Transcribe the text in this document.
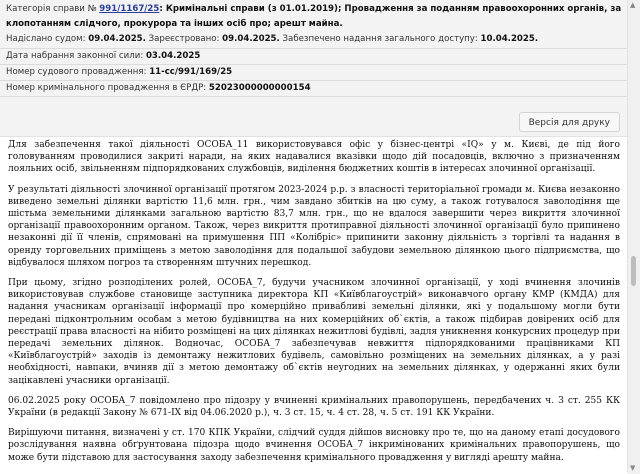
Категорія справи № 991/1167/25: Кримінальні справи (з 01.01.2019); Провадження за поданням правоохоронних органів, за клопотанням слідчого, прокурора та інших осіб про; арешт майна.
Надіслано судом: 09.04.2025. Зареєстровано: 09.04.2025. Забезпечено надання загального доступу: 10.04.2025.
Дата набрання законної сили: 03.04.2025
Номер судового провадження: 11-сс/991/169/25
Номер кримінального провадження в ЄРДР: 52023000000000154
Версія для друку

Для забезпечення такої діяльності ОСОБА_11 використовувався офіс у бізнес-центрі «IQ» у м. Києві, де під його головуванням проводилися закриті наради, на яких надавалися вказівки щодо дій посадовців, включно з призначенням лояльних осіб, звільненням підпорядкованих службовців, виділення бюджетних коштів в інтересах злочинної організації.

У результаті діяльності злочинної організації протягом 2023-2024 р.р. з власності територіальної громади м. Києва незаконно виведено земельні ділянки вартістю 11,6 млн. грн., чим завдано збитків на цю суму, а також готувалося заволодіння ще шістьма земельними ділянками загальною вартістю 83,7 млн. грн., що не вдалося завершити через викриття злочинної організації правоохоронним органом. Також, через викриття протиправної діяльності злочинної організації було припинено незаконні дії її членів, спрямовані на примушення ПП «Колібріс» припинити законну діяльність з торгівлі та надання в оренду торговельних приміщень з метою заволодіння для подальшої забудови земельною ділянкою цього підприємства, що відбувалося шляхом погроз та створенням штучних перешкод.

При цьому, згідно розподілених ролей, ОСОБА_7, будучи учасником злочинної організації, у ході вчинення злочинів використовував службове становище заступника директора КП «Київблагоустрій» виконавчого органу КМР (КМДА) для надання учасникам організації інформації про комерційно привабливі земельні ділянки, які у подальшому могли бути передані підконтрольним особам з метою будівництва на них комерційних об`єктів, а також підбирав довірених осіб для реєстрації права власності на нібито розміщені на цих ділянках нежитлові будівлі, задля уникнення конкурсних процедур при передачі земельних ділянок. Водночас, ОСОБА_7 забезпечував невжиття підпорядкованими працівниками КП «Київблагоустрій» заходів із демонтажу нежитлових будівель, самовільно розміщених на земельних ділянках, а у разі необхідності, навпаки, вчиняв дії з метою демонтажу об`єктів неугодних на земельних ділянках, у одержанні яких були зацікавлені учасники організації.

06.02.2025 року ОСОБА_7 повідомлено про підозру у вчиненні кримінальних правопорушень, передбачених ч. 3 ст. 255 КК України (в редакції Закону № 671-IX від 04.06.2020 р.), ч. 3 ст. 15, ч. 4 ст. 28, ч. 5 ст. 191 КК України.

Вирішуючи питання, визначені у ст. 170 КПК України, слідчий суддя дійшов висновку про те, що на даному етапі досудового розслідування наявна обґрунтована підозра щодо вчинення ОСОБА_7 інкримінованих кримінальних правопорушень, що може бути підставою для застосування заходу забезпечення кримінального провадження у вигляді арешту майна.

▲
▼
